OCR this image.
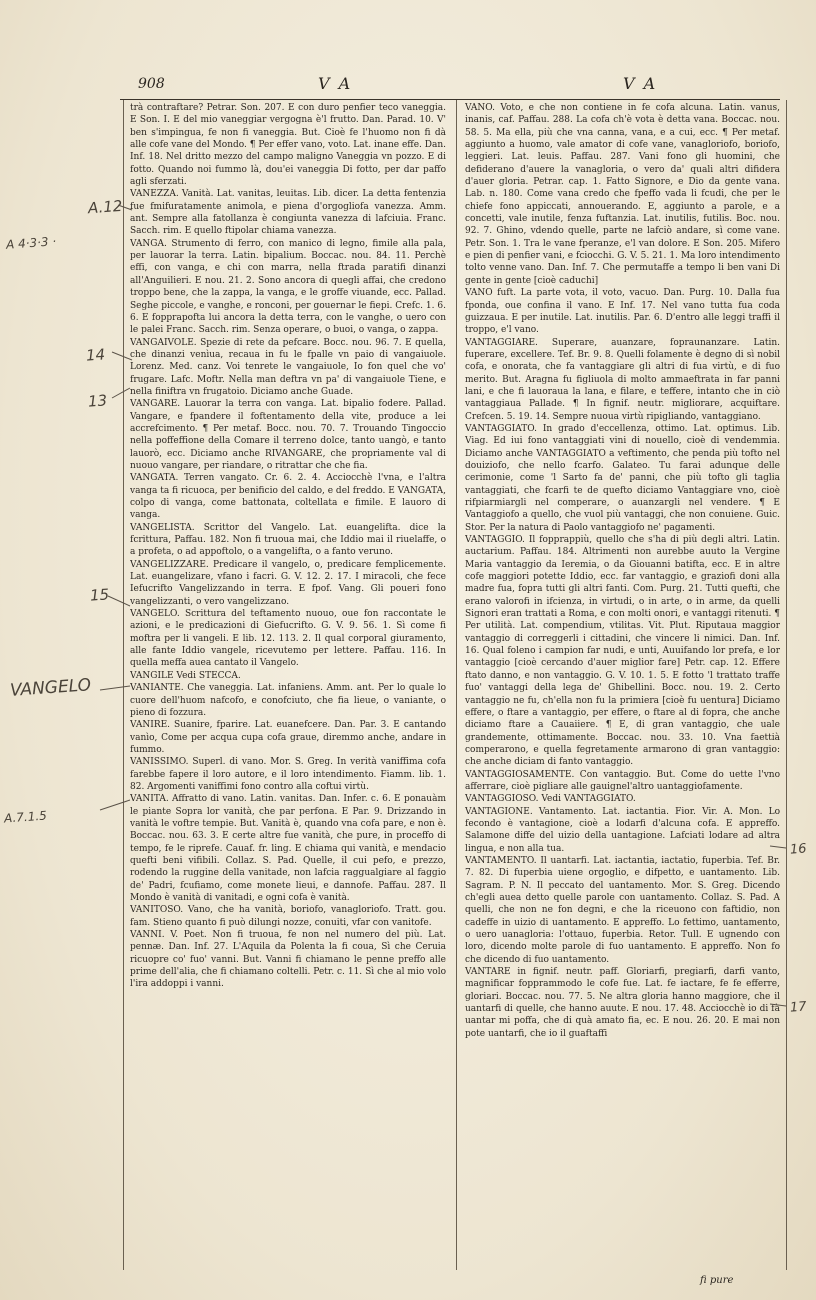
908	V A	V A

trà contraftare? Petrar. Son. 207. E con duro penfier teco vaneggia. E Son. I. E del mio vaneggiar vergogna è'l frutto. Dan. Parad. 10. V' ben s'impingua, fe non fi vaneggia. But. Cioè fe l'huomo non fi dà alle cofe vane del Mondo. ¶ Per effer vano, voto. Lat. inane effe. Dan. Inf. 18. Nel dritto mezzo del campo maligno Vaneggia vn pozzo. E di fotto. Quando noi fummo là, dou'ei vaneggia Di fotto, per dar paffo agli sferzati.

VANEZZA. Vanità. Lat. vanitas, leuitas. Lib. dicer. La detta fentenzia fue fmifuratamente animola, e piena d'orgogliofa vanezza. Amm. ant. Sempre alla fatollanza è congiunta vanezza di lafciuia. Franc. Sacch. rim. E quello ftipolar chiama vanezza.

VANGA. Strumento di ferro, con manico di legno, fimile alla pala, per lauorar la terra. Latin. bipalium. Boccac. nou. 84. 11. Perchè effi, con vanga, e chi con marra, nella ftrada paratifi dinanzi all'Anguilieri. E nou. 21. 2. Sono ancora di quegli affai, che credono troppo bene, che la zappa, la vanga, e le groffe viuande, ecc. Pallad. Seghe piccole, e vanghe, e ronconi, per gouernar le fiepi. Crefc. 1. 6. 6. E fopprapofta lui ancora la detta terra, con le vanghe, o uero con le palei Franc. Sacch. rim. Senza operare, o buoi, o vanga, o zappa.

VANGAIVOLE. Spezie di rete da pefcare. Bocc. nou. 96. 7. E quella, che dinanzi venìua, recaua in fu le fpalle vn paio di vangaiuole. Lorenz. Med. canz. Voi tenrete le vangaiuole, Io fon quel che vo' frugare. Lafc. Moftr. Nella man deftra vn pa' di vangaiuole Tiene, e nella finiftra vn frugatoio. Diciamo anche Guade.

VANGARE. Lauorar la terra con vanga. Lat. bipalio fodere. Pallad. Vangare, e fpandere il foftentamento della vite, produce a lei accrefcimento. ¶ Per metaf. Bocc. nou. 70. 7. Trouando Tingoccio nella poffeffione della Comare il terreno dolce, tanto uangò, e tanto lauorò, ecc. Diciamo anche RIVANGARE, che propriamente val di nuouo vangare, per riandare, o ritrattar che che fia.

VANGATA. Terren vangato. Cr. 6. 2. 4. Acciocchè l'vna, e l'altra vanga ta fi ricuoca, per benificio del caldo, e del freddo. E VANGATA, colpo di vanga, come battonata, coltellata e fimile. E lauoro di vanga.

VANGELISTA. Scrittor del Vangelo. Lat. euangelifta. dice la fcrittura, Paffau. 182. Non fi truoua mai, che Iddio mai il riuelaffe, o a profeta, o ad appoftolo, o a vangelifta, o a fanto veruno.

VANGELIZZARE. Predicare il vangelo, o, predicare femplicemente. Lat. euangelizare, vfano i facri. G. V. 12. 2. 17. I miracoli, che fece Iefucrifto Vangelizzando in terra. E fpof. Vang. Gli poueri fono vangelizzanti, o vero vangelizzano.

VANGELO. Scrittura del teftamento nuouo, oue fon raccontate le azioni, e le predicazioni di Giefucrifto. G. V. 9. 56. 1. Sì come fi moftra per li vangeli. E lib. 12. 113. 2. Il qual corporal giuramento, alle fante Iddio vangele, ricevutemo per lettere. Paffau. 116. In quella meffa auea cantato il Vangelo.

VANGILE Vedi STECCA.

VANIANTE. Che vaneggia. Lat. infaniens. Amm. ant. Per lo quale lo cuore dell'huom nafcofo, e conofciuto, che fia lieue, o vaniante, o pieno di fozzura.

VANIRE. Suanire, fparire. Lat. euanefcere. Dan. Par. 3. E cantando vanìo, Come per acqua cupa cofa graue, diremmo anche, andare in fummo.

VANISSIMO. Superl. di vano. Mor. S. Greg. In verità vaniffima cofa farebbe fapere il loro autore, e il loro intendimento. Fiamm. lib. 1. 82. Argomenti vaniffimi fono contro alla coftui virtù.

VANITA. Affratto di vano. Latin. vanitas. Dan. Infer. c. 6. E ponauàm le piante Sopra lor vanità, che par perfona. E Par. 9. Drizzando in vanità le voftre tempie. But. Vanità è, quando vna cofa pare, e non è. Boccac. nou. 63. 3. E certe altre fue vanità, che pure, in proceffo di tempo, fe le riprefe. Cauaf. fr. ling. E chiama qui vanità, e mendacio quefti beni vifibili. Collaz. S. Pad. Quelle, il cui pefo, e prezzo, rodendo la ruggine della vanitade, non lafcia raggualgiare al faggio de' Padri, fcufiamo, come monete lieui, e dannofe. Paffau. 287. Il Mondo è vanità di vanitadi, e ogni cofa è vanità.

VANITOSO. Vano, che ha vanità, boriofo, vanagloriofo. Tratt. gou. fam. Stieno quanto fi può dilungi nozze, conuiti, vfar con vanitofe.

VANNI. V. Poet. Non fi truoua, fe non nel numero del più. Lat. pennæ. Dan. Inf. 27. L'Aquila da Polenta la fi coua, Sì che Ceruia ricuopre co' fuo' vanni. But. Vanni fi chiamano le penne preffo alle prime dell'alia, che fi chiamano coltelli. Petr. c. 11. Sì che al mio volo l'ira addoppi i vanni.

VANO. Voto, e che non contiene in fe cofa alcuna. Latin. vanus, inanis, caf. Paffau. 288. La cofa ch'è vota è detta vana. Boccac. nou. 58. 5. Ma ella, più che vna canna, vana, e a cui, ecc. ¶ Per metaf. aggiunto a huomo, vale amator di cofe vane, vanagloriofo, boriofo, leggieri. Lat. leuis. Paffau. 287. Vani fono gli huomini, che defiderano d'auere la vanagloria, o vero da' quali altri difidera d'auer gloria. Petrar. cap. 1. Fatto Signore, e Dio da gente vana. Lab. n. 180. Come vana credo che fpeffo vada li fcudi, che per le chiefe fono appiccati, annouerando. E, aggiunto a parole, e a concetti, vale inutile, fenza fuftanzia. Lat. inutilis, futilis. Boc. nou. 92. 7. Ghino, vdendo quelle, parte ne lafciò andare, sì come vane. Petr. Son. 1. Tra le vane fperanze, e'l van dolore. E Son. 205. Mifero e pien di penfier vani, e fciocchi. G. V. 5. 21. 1. Ma loro intendimento tolto venne vano. Dan. Inf. 7. Che permutaffe a tempo li ben vani Di gente in gente [cioè caduchi]

VANO fuft. La parte vota, il voto, vacuo. Dan. Purg. 10. Dalla fua fponda, oue confina il vano. E Inf. 17. Nel vano tutta fua coda guizzaua. E per inutile. Lat. inutilis. Par. 6. D'entro alle leggi traffi il troppo, e'l vano.

VANTAGGIARE. Superare, auanzare, fopraunanzare. Latin. fuperare, excellere. Tef. Br. 9. 8. Quelli folamente è degno di sì nobil cofa, e onorata, che fa vantaggiare gli altri di fua virtù, e di fuo merito. But. Aragna fu figliuola di molto ammaeftrata in far panni lani, e che fi lauoraua la lana, e filare, e teffere, intanto che in ciò vantaggiaua Pallade. ¶ In fignif. neutr. migliorare, acquiftare. Crefcen. 5. 19. 14. Sempre nuoua virtù ripigliando, vantaggiano.

VANTAGGIATO. In grado d'eccellenza, ottimo. Lat. optimus. Lib. Viag. Ed iui fono vantaggiati vini di nouello, cioè di vendemmia. Diciamo anche VANTAGGIATO a veftimento, che penda più tofto nel douiziofo, che nello fcarfo. Galateo. Tu farai adunque delle cerimonie, come 'l Sarto fa de' panni, che più tofto gli taglia vantaggiati, che fcarfi te de quefto diciamo Vantaggiare vno, cioè rifpiarmiargli nel comperare, o auanzargli nel vendere. ¶ E Vantaggiofo a quello, che vuol più vantaggi, che non conuiene. Guic. Stor. Per la natura di Paolo vantaggiofo ne' pagamenti.

VANTAGGIO. Il fopprappiù, quello che s'ha di più degli altri. Latin. auctarium. Paffau. 184. Altrimenti non aurebbe auuto la Vergine Maria vantaggio da Ieremia, o da Giouanni batifta, ecc. E in altre cofe maggiori potette Iddio, ecc. far vantaggio, e graziofi doni alla madre fua, fopra tutti gli altri fanti. Com. Purg. 21. Tutti quefti, che erano valorofi in ifcienza, in virtudi, o in arte, o in arme, da quelli Signori eran trattati a Roma, e con molti onori, e vantaggi ritenuti. ¶ Per utilità. Lat. compendium, vtilitas. Vit. Plut. Riputaua maggior vantaggio di correggerli i cittadini, che vincere li nimici. Dan. Inf. 16. Qual foleno i campion far nudi, e unti, Auuifando lor prefa, e lor vantaggio [cioè cercando d'auer miglior fare] Petr. cap. 12. Effere ftato danno, e non vantaggio. G. V. 10. 1. 5. E fotto 'l trattato traffe fuo' vantaggi della lega de' Ghibellini. Bocc. nou. 19. 2. Certo vantaggio ne fu, ch'ella non fu la primiera [cioè fu uentura] Diciamo effere, o ftare a vantaggio, per effere, o ftare al di fopra, che anche diciamo ftare a Cauaiiere. ¶ E, di gran vantaggio, che uale grandemente, ottimamente. Boccac. nou. 33. 10. Vna faettià comperarono, e quella fegretamente armarono di gran vantaggio: che anche diciam di fanto vantaggio.

VANTAGGIOSAMENTE. Con vantaggio. But. Come do uette l'vno afferrare, cioè pigliare alle gauignel'altro uantaggiofamente.

VANTAGGIOSO. Vedi VANTAGGIATO.

VANTAGIONE. Vantamento. Lat. iactantia. Fior. Vir. A. Mon. Lo fecondo è vantagione, cioè a lodarfi d'alcuna cofa. E appreffo. Salamone diffe del uizio della uantagione. Lafciati lodare ad altra lingua, e non alla tua.

VANTAMENTO. Il uantarfi. Lat. iactantia, iactatio, fuperbia. Tef. Br. 7. 82. Di fuperbia uiene orgoglio, e difpetto, e uantamento. Lib. Sagram. P. N. Il peccato del uantamento. Mor. S. Greg. Dicendo ch'egli auea detto quelle parole con uantamento. Collaz. S. Pad. A quelli, che non ne fon degni, e che la riceuono con faftidio, non cadeffe in uizio di uantamento. E appreffo. Lo fettimo, uantamento, o uero uanagloria: l'ottauo, fuperbia. Retor. Tull. E ugnendo con loro, dicendo molte parole di fuo uantamento. E appreffo. Non fo che dicendo di fuo uantamento.

VANTARE in fignif. neutr. paff. Gloriarfi, pregiarfi, darfi vanto, magnificar fopprammodo le cofe fue. Lat. fe iactare, fe fe efferre, gloriari. Boccac. nou. 77. 5. Ne altra gloria hanno maggiore, che il uantarfi di quelle, che hanno auute. E nou. 17. 48. Acciocchè io di fà uantar mi poffa, che di quà amato fia, ec. E nou. 26. 20. E mai non pote uantarfi, che io il guaftaffi

fi pure
A.12
A 4·3·3 ·
14
13
15
VANGELO
A.7.1.5
16
17
